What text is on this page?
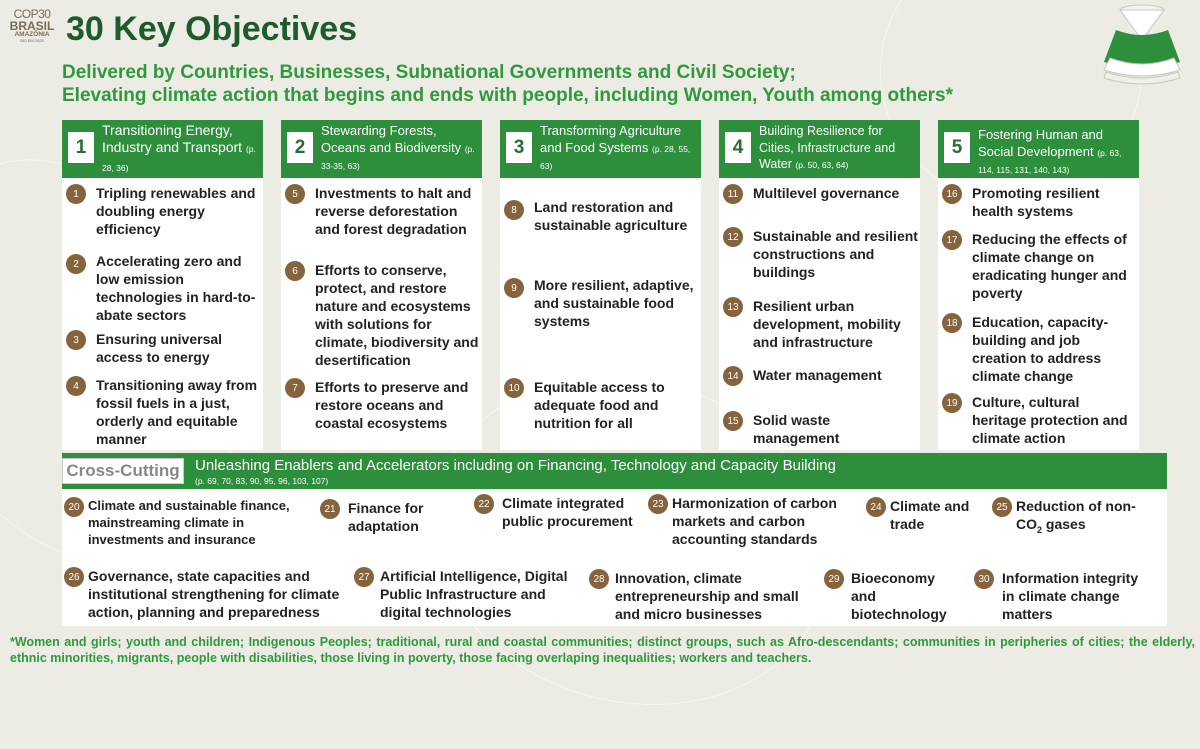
COP30
BRASIL
AMAZÔNIA
BELÉM 2025 30 Key Objectives
Delivered by Countries, Businesses, Subnational Governments and Civil Society;
Elevating climate action that begins and ends with people, including Women, Youth among others*
1
Transitioning Energy, Industry and Transport (p. 28, 36)
1	Tripling renewables and doubling energy efficiency
2	Accelerating zero and low emission technologies in hard-to-abate sectors
3	Ensuring universal access to energy
4	Transitioning away from fossil fuels in a just, orderly and equitable manner
2
Stewarding Forests, Oceans and Biodiversity (p. 33-35, 63)
5	Investments to halt and reverse deforestation and forest degradation
6	Efforts to conserve, protect, and restore nature and ecosystems with solutions for climate, biodiversity and desertification
7	Efforts to preserve and restore oceans and coastal ecosystems
3
Transforming Agriculture and Food Systems (p. 28, 55, 63)
8	Land restoration and sustainable agriculture
9	More resilient, adaptive, and sustainable food systems
10	Equitable access to adequate food and nutrition for all
4
Building Resilience for Cities, Infrastructure and Water (p. 50, 63, 64)
11	Multilevel governance
12	Sustainable and resilient constructions and buildings
13	Resilient urban development, mobility and infrastructure
14	Water management
15	Solid waste management
5
Fostering Human and Social Development (p. 63, 114, 115, 131, 140, 143)
16	Promoting resilient health systems
17	Reducing the effects of climate change on eradicating hunger and poverty
18	Education, capacity-building and job creation to address climate change
19	Culture, cultural heritage protection and climate action
Cross-Cutting Unleashing Enablers and Accelerators including on Financing, Technology and Capacity Building
(p. 69, 70, 83, 90, 95, 96, 103, 107)
20 Climate and sustainable finance, mainstreaming climate in investments and insurance
21 Finance for adaptation
22 Climate integrated public procurement
23 Harmonization of carbon markets and carbon accounting standards
24 Climate and trade
25 Reduction of non-$CO_2$ gases
26 Governance, state capacities and institutional strengthening for climate action, planning and preparedness
27 Artificial Intelligence, Digital Public Infrastructure and digital technologies
28 Innovation, climate entrepreneurship and small and micro businesses
29 Bioeconomy and biotechnology
30 Information integrity in climate change matters
*Women and girls; youth and children; Indigenous Peoples; traditional, rural and coastal communities; distinct groups, such as Afro-descendants; communities in peripheries of cities; the elderly, ethnic minorities, migrants, people with disabilities, those living in poverty, those facing overlaping inequalities; workers and teachers.
